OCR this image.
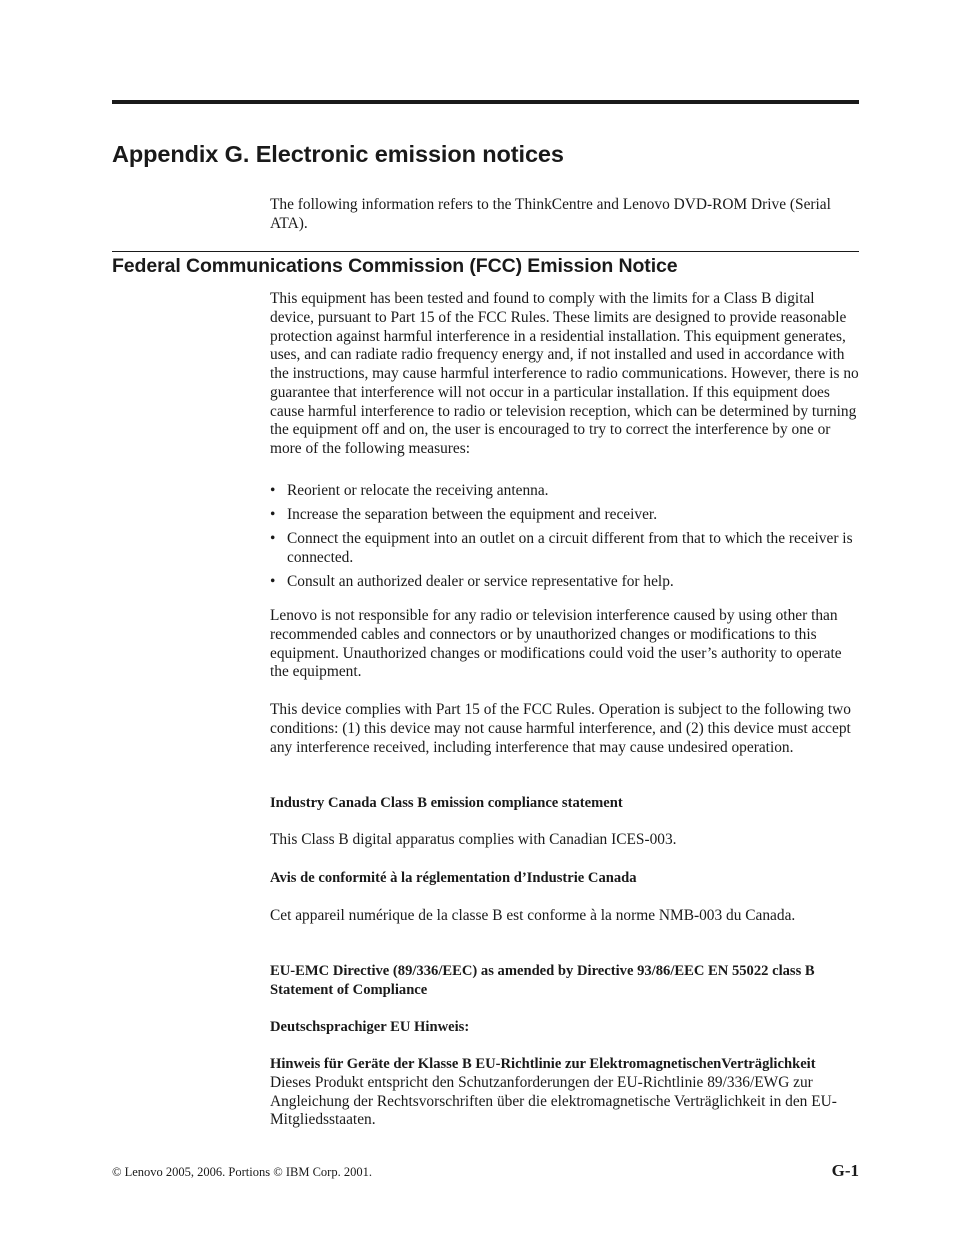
Appendix G. Electronic emission notices

The following information refers to the ThinkCentre and Lenovo DVD-ROM Drive (Serial ATA).

Federal Communications Commission (FCC) Emission Notice

This equipment has been tested and found to comply with the limits for a Class B digital device, pursuant to Part 15 of the FCC Rules. These limits are designed to provide reasonable protection against harmful interference in a residential installation. This equipment generates, uses, and can radiate radio frequency energy and, if not installed and used in accordance with the instructions, may cause harmful interference to radio communications. However, there is no guarantee that interference will not occur in a particular installation. If this equipment does cause harmful interference to radio or television reception, which can be determined by turning the equipment off and on, the user is encouraged to try to correct the interference by one or more of the following measures:

• Reorient or relocate the receiving antenna.
• Increase the separation between the equipment and receiver.
• Connect the equipment into an outlet on a circuit different from that to which the receiver is connected.
• Consult an authorized dealer or service representative for help.

Lenovo is not responsible for any radio or television interference caused by using other than recommended cables and connectors or by unauthorized changes or modifications to this equipment. Unauthorized changes or modifications could void the user’s authority to operate the equipment.

This device complies with Part 15 of the FCC Rules. Operation is subject to the following two conditions: (1) this device may not cause harmful interference, and (2) this device must accept any interference received, including interference that may cause undesired operation.

Industry Canada Class B emission compliance statement

This Class B digital apparatus complies with Canadian ICES-003.

Avis de conformité à la réglementation d’Industrie Canada

Cet appareil numérique de la classe B est conforme à la norme NMB-003 du Canada.

EU-EMC Directive (89/336/EEC) as amended by Directive 93/86/EEC EN 55022 class B Statement of Compliance

Deutschsprachiger EU Hinweis:

Hinweis für Geräte der Klasse B EU-Richtlinie zur ElektromagnetischenVerträglichkeit Dieses Produkt entspricht den Schutzanforderungen der EU-Richtlinie 89/336/EWG zur Angleichung der Rechtsvorschriften über die elektromagnetische Verträglichkeit in den EU-Mitgliedsstaaten.

© Lenovo 2005, 2006. Portions © IBM Corp. 2001.	G-1
